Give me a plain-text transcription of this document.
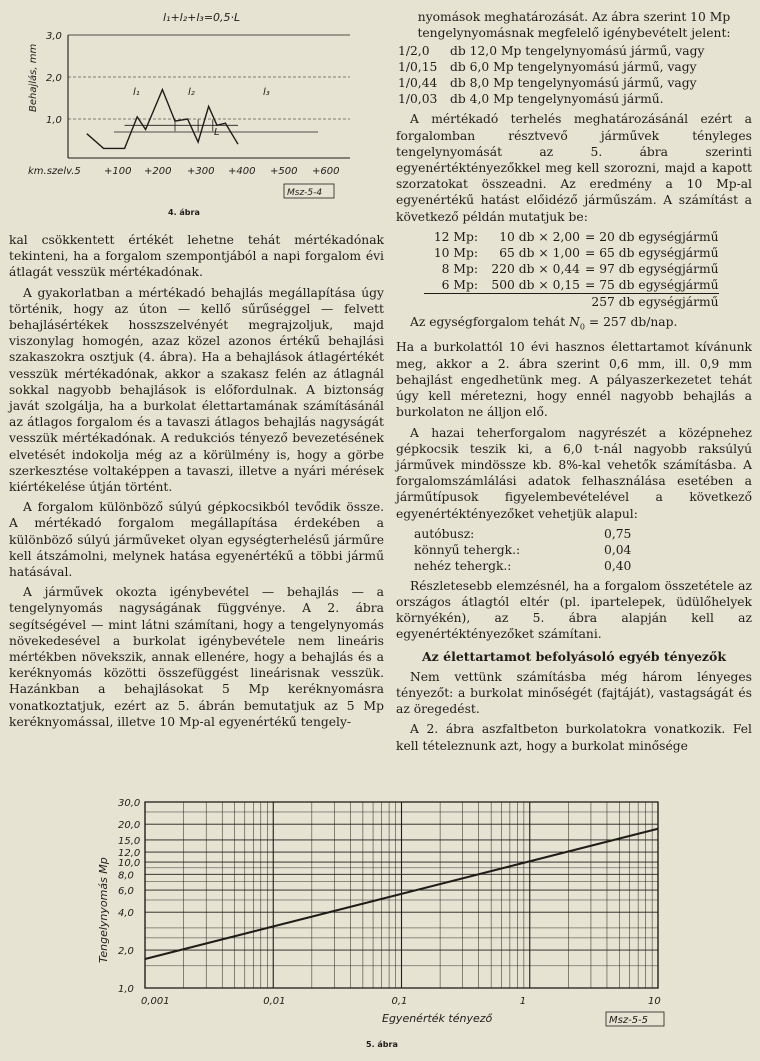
l₁+l₂+l₃=0,5·L
Behajlás, mm
3,0
2,0
1,0
l₁	l₂	l₃
L
km.szelv.5 +100 +200 +300 +400 +500 +600
Msz-5-4
4. ábra

kal csökkentett értékét lehetne tehát mértékadónak tekinteni, ha a forgalom szempontjából a napi forgalom évi átlagát vesszük mértékadónak.

A gyakorlatban a mértékadó behajlás megállapítása úgy történik, hogy az úton — kellő sűrűséggel — felvett behajlásértékek hosszszelvényét megrajzoljuk, majd viszonylag homogén, azaz közel azonos értékű behajlási szakaszokra osztjuk (4. ábra). Ha a behajlások átlagértékét vesszük mértékadónak, akkor a szakasz felén az átlagnál sokkal nagyobb behajlások is előfordulnak. A biztonság javát szolgálja, ha a burkolat élettartamának számításánál az átlagos forgalom és a tavaszi átlagos behajlás nagyságát vesszük mértékadónak. A redukciós tényező bevezetésének elvetését indokolja még az a körülmény is, hogy a görbe szerkesztése voltaképpen a tavaszi, illetve a nyári mérések kiértékelése útján történt.

A forgalom különböző súlyú gépkocsikból tevődik össze. A mértékadó forgalom megállapítása érdekében a különböző súlyú járműveket olyan egységterhelésű járműre kell átszámolni, melynek hatása egyenértékű a többi jármű hatásával.

A járművek okozta igénybevétel — behajlás — a tengelynyomás nagyságának függvénye. A 2. ábra segítségével — mint látni számítani, hogy a tengelynyomás növekedesével a burkolat igénybevétele nem lineáris mértékben növekszik, annak ellenére, hogy a behajlás és a keréknyomás közötti összefüggést lineárisnak vesszük. Hazánkban a behajlásokat 5 Mp keréknyomásra vonatkoztatjuk, ezért az 5. ábrán bemutatjuk az 5 Mp keréknyomással, illetve 10 Mp-al egyenértékű tengely-

nyomások meghatározását. Az ábra szerint 10 Mp

tengelynyomásnak megfelelő igénybevételt jelent:

1/2,0	db 12,0 Mp tengelynyomású jármű, vagy
1/0,15	db 6,0 Mp tengelynyomású jármű, vagy
1/0,44	db 8,0 Mp tengelynyomású jármű, vagy
1/0,03	db 4,0 Mp tengelynyomású jármű.

A mértékadó terhelés meghatározásánál ezért a forgalomban résztvevő járművek tényleges tengelynyomását az 5. ábra szerinti egyenértéktényezőkkel meg kell szorozni, majd a kapott szorzatokat összeadni. Az eredmény a 10 Mp-al egyenértékű hatást előidéző járműszám. A számítást a következő példán mutatjuk be:

12 Mp:	10 db × 2,00	= 20 db egységjármű
10 Mp:	65 db × 1,00	= 65 db egységjármű
8 Mp:	220 db × 0,44	= 97 db egységjármű
6 Mp:	500 db × 0,15	= 75 db egységjármű
		257 db egységjármű

Az egységforgalom tehát $N_0 = 257$ db/nap.

Ha a burkolattól 10 évi hasznos élettartamot kívánunk meg, akkor a 2. ábra szerint 0,6 mm, ill. 0,9 mm behajlást engedhetünk meg. A pályaszerkezetet tehát úgy kell méretezni, hogy ennél nagyobb behajlás a burkolaton ne álljon elő.

A hazai teherforgalom nagyrészét a középnehez gépkocsik teszik ki, a 6,0 t-nál nagyobb raksúlyú járművek mindössze kb. 8%-kal vehetők számításba. A forgalomszámlálási adatok felhasználása esetében a járműtípusok figyelembevételével a következő egyenértéktényezőket vehetjük alapul:

autóbusz:	0,75
könnyű tehergk.:	0,04
nehéz tehergk.:	0,40

Részletesebb elemzésnél, ha a forgalom összetétele az országos átlagtól eltér (pl. ipartelepek, üdülőhelyek környékén), az 5. ábra alapján kell az egyenértéktényezőket számítani.

Az élettartamot befolyásoló egyéb tényezők

Nem vettünk számításba még három lényeges tényezőt: a burkolat minőségét (fajtáját), vastagságát és az öregedést.

A 2. ábra aszfaltbeton burkolatokra vonatkozik. Fel kell tételeznunk azt, hogy a burkolat minősége

Tengelynyomás Mp
30,0
20,0
15,0
12,0
10,0
8,0
6,0
4,0
2,0
1,0
0,001	0,01	0,1	1	10
Egyenérték tényező	Msz-5-5
5. ábra
